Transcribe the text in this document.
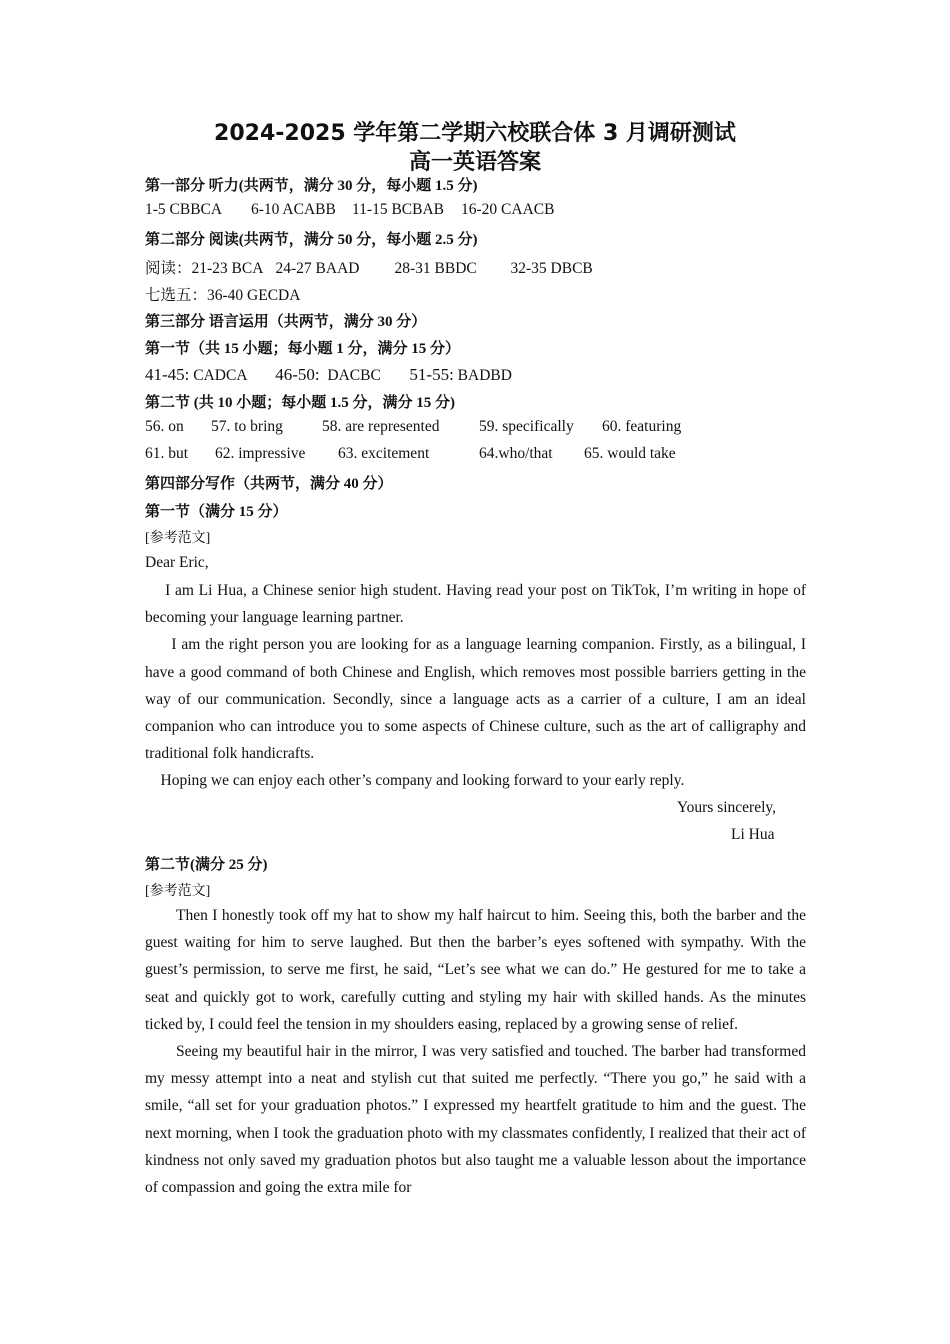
2024-2025 学年第二学期六校联合体 3 月调研测试
高一英语答案
第一部分 听力(共两节，满分 30 分，每小题 1.5 分)
1-5 CBBCA 6-10 ACABB 11-15 BCBAB 16-20 CAACB
第二部分 阅读(共两节，满分 50 分，每小题 2.5 分)
阅读：21-23 BCA 24-27 BAAD 28-31 BBDC 32-35 DBCB
七选五：36-40 GECDA
第三部分 语言运用（共两节，满分 30 分）
第一节（共 15 小题；每小题 1 分，满分 15 分）
41-45: CADCA 46-50: DACBC 51-55: BADBD
第二节 (共 10 小题；每小题 1.5 分，满分 15 分)
56. on 57. to bring	58. are represented	59. specifically 60. featuring
61. but 62. impressive 63. excitement	64.who/that 65. would take
第四部分写作（共两节，满分 40 分）
第一节（满分 15 分）
[参考范文]
Dear Eric,

I am Li Hua, a Chinese senior high student. Having read your post on TikTok, I’m writing in hope of becoming your language learning partner.

I am the right person you are looking for as a language learning companion. Firstly, as a bilingual, I have a good command of both Chinese and English, which removes most possible barriers getting in the way of our communication. Secondly, since a language acts as a carrier of a culture, I am an ideal companion who can introduce you to some aspects of Chinese culture, such as the art of calligraphy and traditional folk handicrafts.

Hoping we can enjoy each other’s company and looking forward to your early reply.

Yours sincerely,
Li Hua
第二节(满分 25 分)
[参考范文]

Then I honestly took off my hat to show my half haircut to him. Seeing this, both the barber and the guest waiting for him to serve laughed. But then the barber’s eyes softened with sympathy. With the guest’s permission, to serve me first, he said, “Let’s see what we can do.” He gestured for me to take a seat and quickly got to work, carefully cutting and styling my hair with skilled hands. As the minutes ticked by, I could feel the tension in my shoulders easing, replaced by a growing sense of relief.

Seeing my beautiful hair in the mirror, I was very satisfied and touched. The barber had transformed my messy attempt into a neat and stylish cut that suited me perfectly. “There you go,” he said with a smile, “all set for your graduation photos.” I expressed my heartfelt gratitude to him and the guest. The next morning, when I took the graduation photo with my classmates confidently, I realized that their act of kindness not only saved my graduation photos but also taught me a valuable lesson about the importance of compassion and going the extra mile for
